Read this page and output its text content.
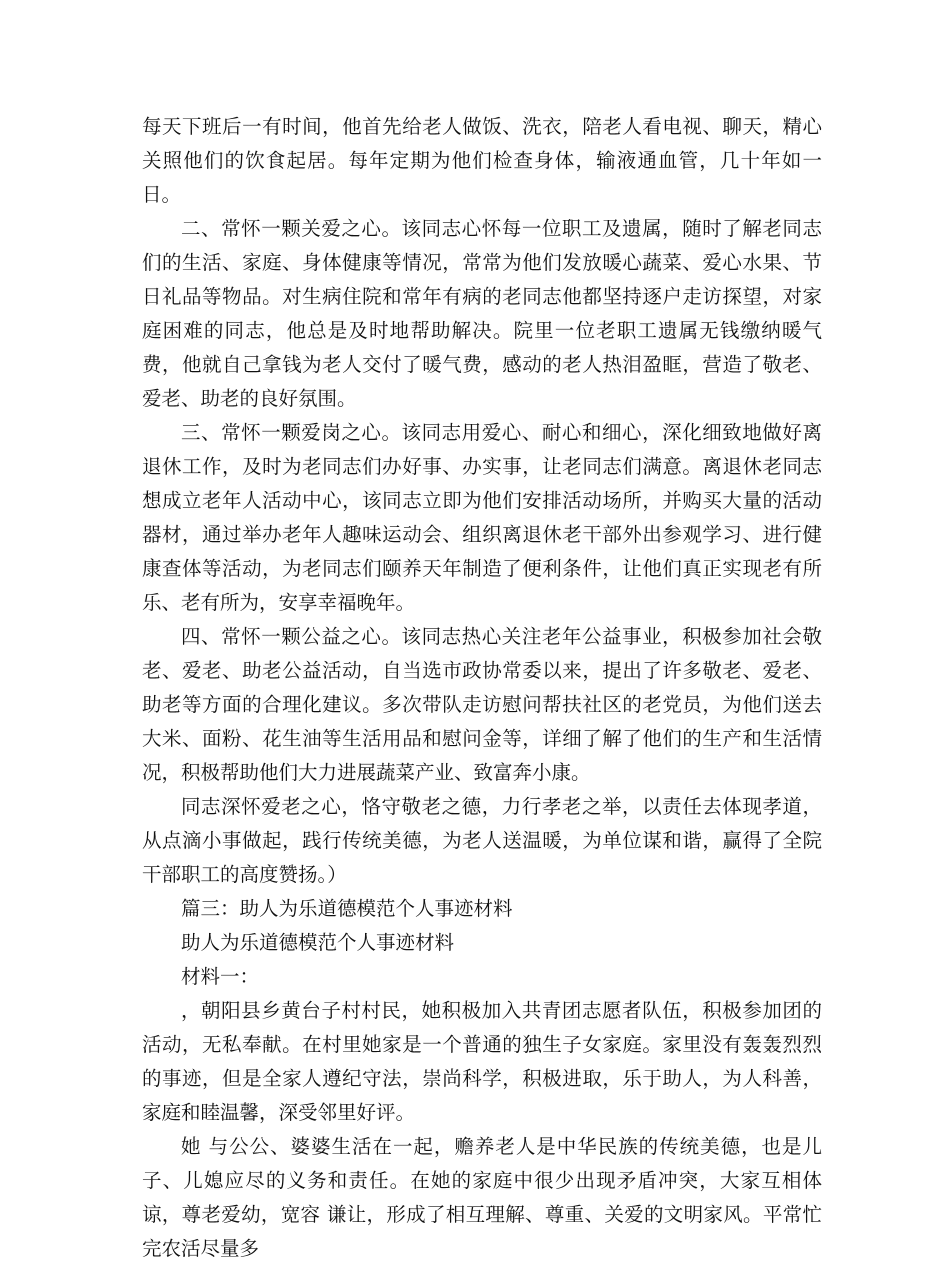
每天下班后一有时间，他首先给老人做饭、洗衣，陪老人看电视、聊天，精心关照他们的饮食起居。每年定期为他们检查身体，输液通血管，几十年如一日。

二、常怀一颗关爱之心。该同志心怀每一位职工及遗属，随时了解老同志们的生活、家庭、身体健康等情况，常常为他们发放暖心蔬菜、爱心水果、节日礼品等物品。对生病住院和常年有病的老同志他都坚持逐户走访探望，对家庭困难的同志，他总是及时地帮助解决。院里一位老职工遗属无钱缴纳暖气费，他就自己拿钱为老人交付了暖气费，感动的老人热泪盈眶，营造了敬老、爱老、助老的良好氛围。

三、常怀一颗爱岗之心。该同志用爱心、耐心和细心，深化细致地做好离退休工作，及时为老同志们办好事、办实事，让老同志们满意。离退休老同志想成立老年人活动中心，该同志立即为他们安排活动场所，并购买大量的活动器材，通过举办老年人趣味运动会、组织离退休老干部外出参观学习、进行健康查体等活动，为老同志们颐养天年制造了便利条件，让他们真正实现老有所乐、老有所为，安享幸福晚年。

四、常怀一颗公益之心。该同志热心关注老年公益事业，积极参加社会敬老、爱老、助老公益活动，自当选市政协常委以来，提出了许多敬老、爱老、助老等方面的合理化建议。多次带队走访慰问帮扶社区的老党员，为他们送去大米、面粉、花生油等生活用品和慰问金等，详细了解了他们的生产和生活情况，积极帮助他们大力进展蔬菜产业、致富奔小康。

同志深怀爱老之心，恪守敬老之德，力行孝老之举，以责任去体现孝道，从点滴小事做起，践行传统美德，为老人送温暖，为单位谋和谐，赢得了全院干部职工的高度赞扬。）

篇三：助人为乐道德模范个人事迹材料

助人为乐道德模范个人事迹材料

材料一：

，朝阳县乡黄台子村村民，她积极加入共青团志愿者队伍，积极参加团的活动，无私奉献。在村里她家是一个普通的独生子女家庭。家里没有轰轰烈烈的事迹，但是全家人遵纪守法，崇尚科学，积极进取，乐于助人，为人科善，家庭和睦温馨，深受邻里好评。

她 与公公、婆婆生活在一起，赡养老人是中华民族的传统美德，也是儿子、儿媳应尽的义务和责任。在她的家庭中很少出现矛盾冲突，大家互相体谅，尊老爱幼，宽容 谦让，形成了相互理解、尊重、关爱的文明家风。平常忙完农活尽量多
